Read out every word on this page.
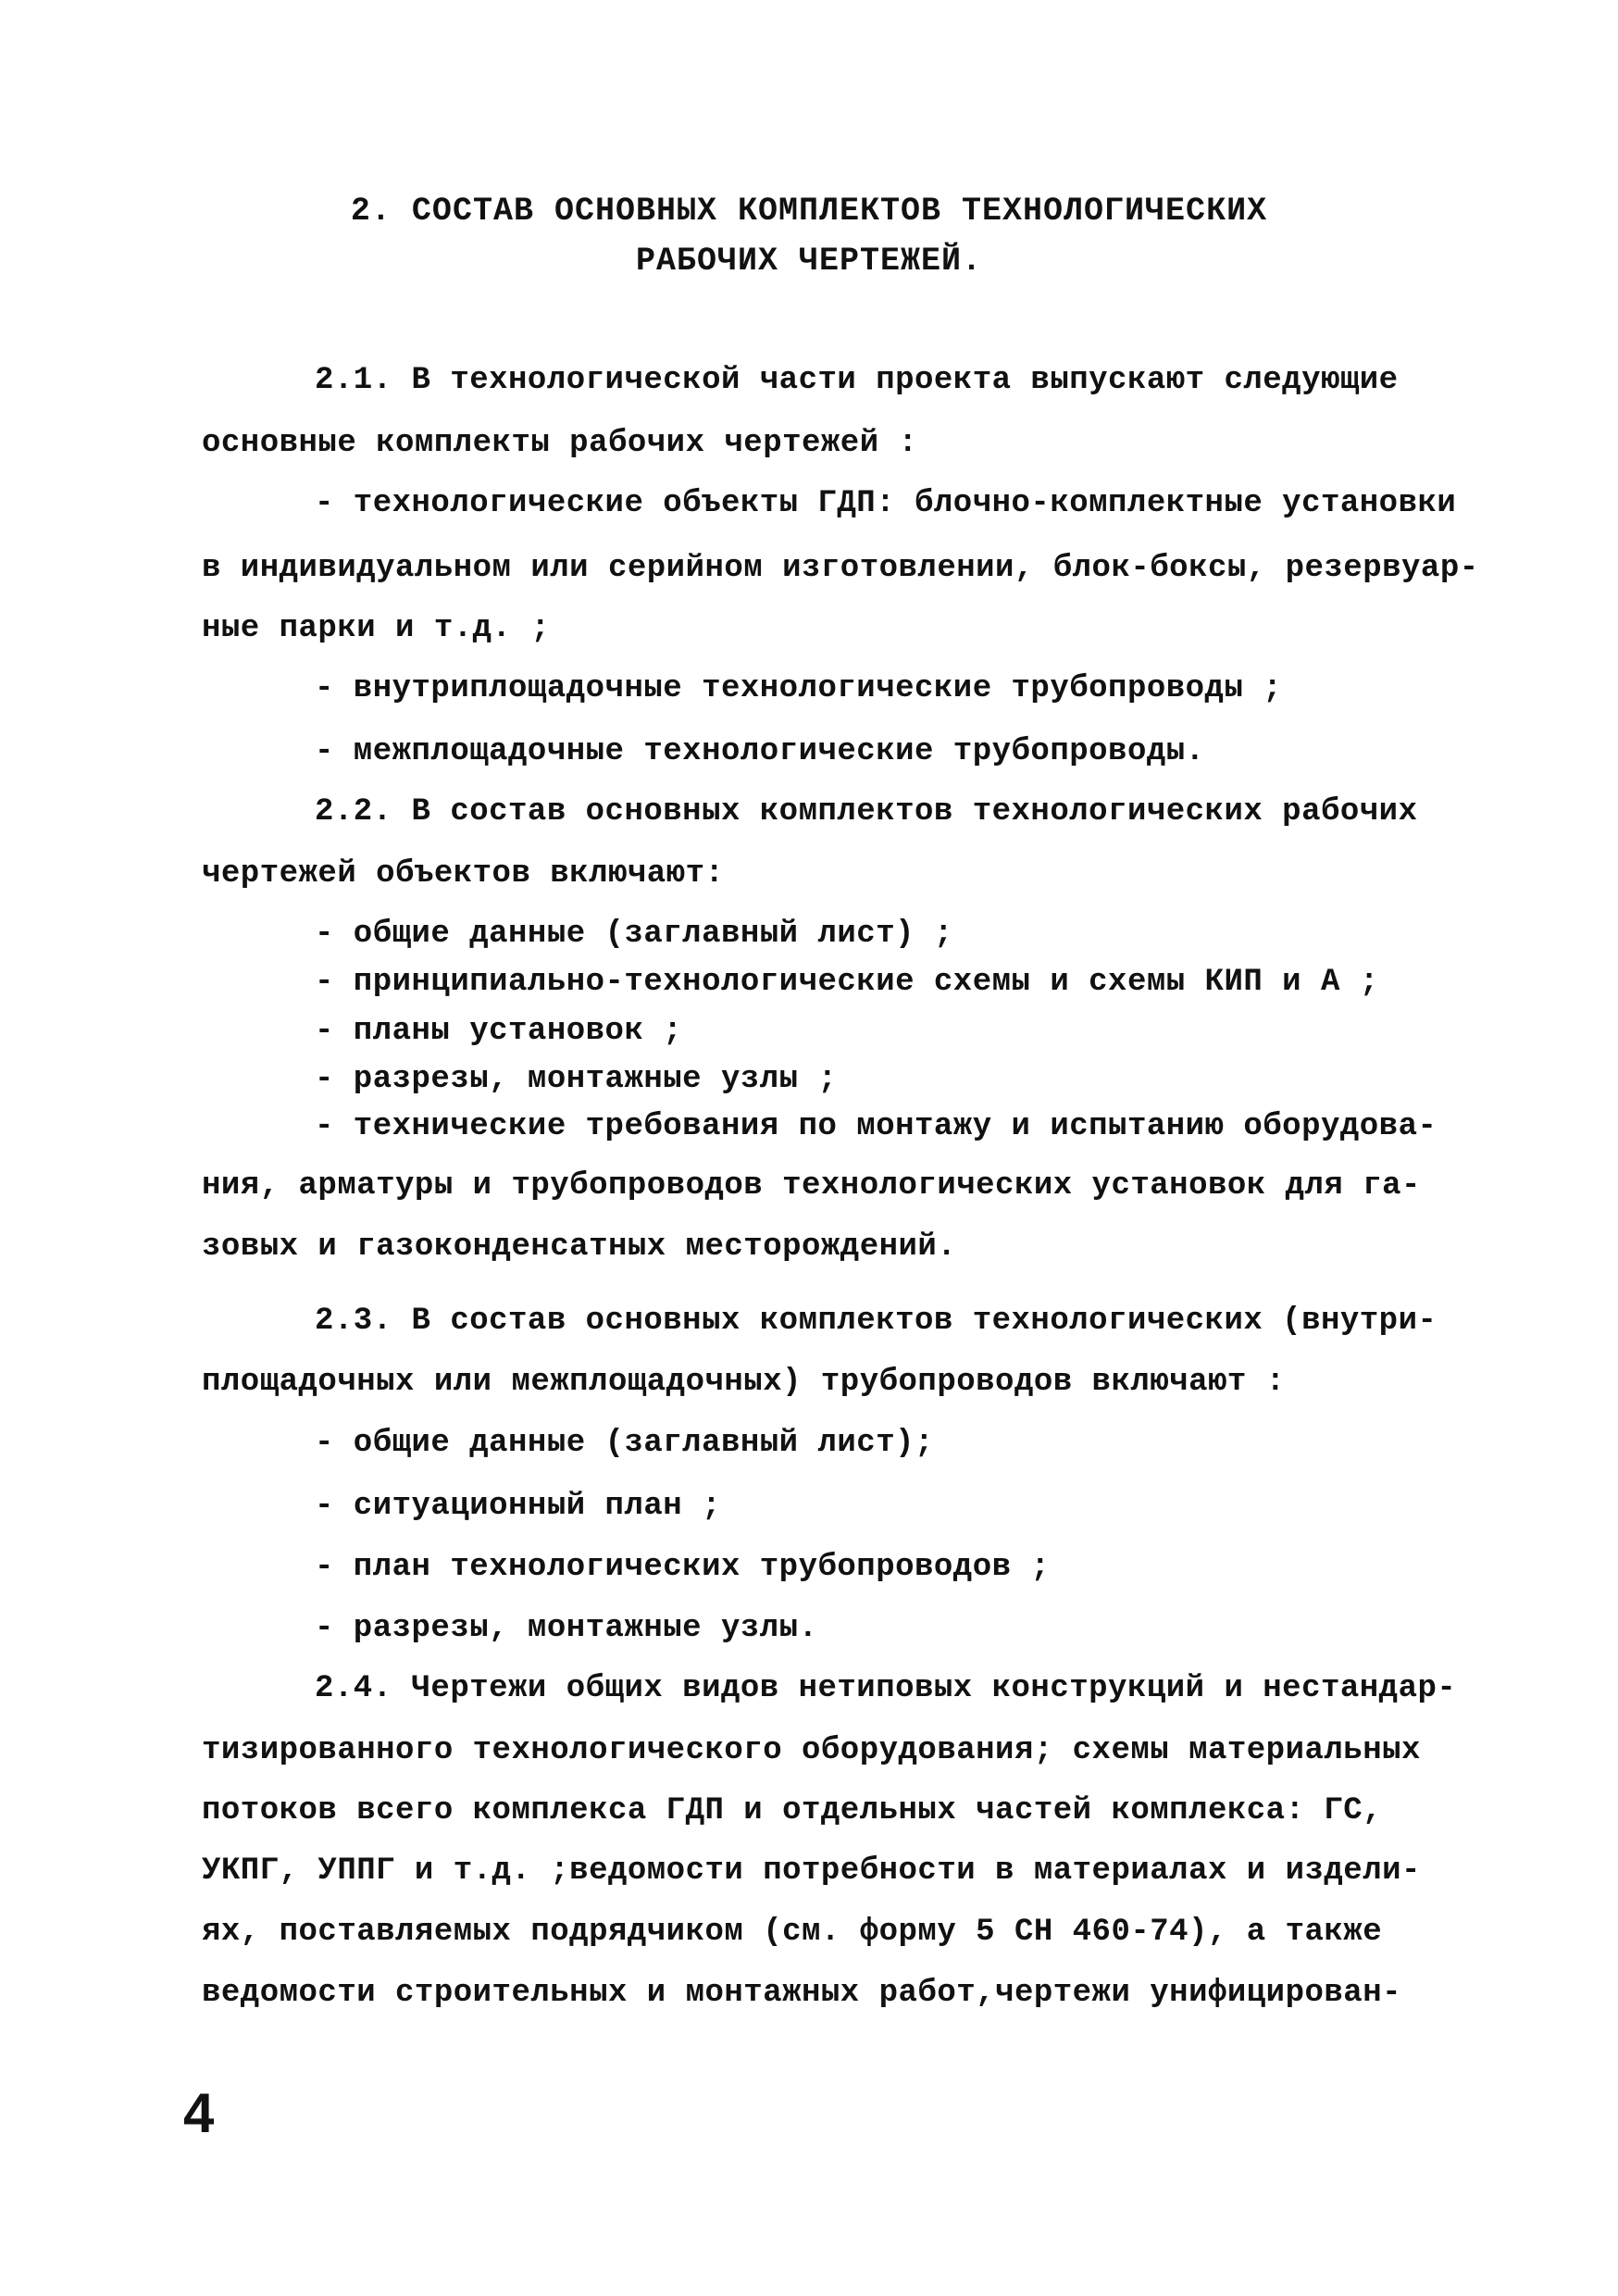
2. СОСТАВ ОСНОВНЫХ КОМПЛЕКТОВ ТЕХНОЛОГИЧЕСКИХ
РАБОЧИХ ЧЕРТЕЖЕЙ.
2.1. В технологической части проекта выпускают следующие
основные комплекты рабочих чертежей :
- технологические объекты ГДП: блочно-комплектные установки
в индивидуальном или серийном изготовлении, блок-боксы, резервуар-
ные парки и т.д. ;
- внутриплощадочные технологические трубопроводы ;
- межплощадочные технологические трубопроводы.
2.2. В состав основных комплектов технологических рабочих
чертежей объектов включают:
- общие данные (заглавный лист) ;
- принципиально-технологические схемы и схемы КИП и А ;
- планы установок ;
- разрезы, монтажные узлы ;
- технические требования по монтажу и испытанию оборудова-
ния, арматуры и трубопроводов технологических установок для га-
зовых и газоконденсатных месторождений.
2.3. В состав основных комплектов технологических (внутри-
площадочных или межплощадочных) трубопроводов включают :
- общие данные (заглавный лист);
- ситуационный план ;
- план технологических трубопроводов ;
- разрезы, монтажные узлы.
2.4. Чертежи общих видов нетиповых конструкций и нестандар-
тизированного технологического оборудования; схемы материальных
потоков всего комплекса ГДП и отдельных частей комплекса: ГС,
УКПГ, УППГ и т.д. ;ведомости потребности в материалах и издели-
ях, поставляемых подрядчиком (см. форму 5 СН 460-74), а также
ведомости строительных и монтажных работ,чертежи унифицирован-
4
